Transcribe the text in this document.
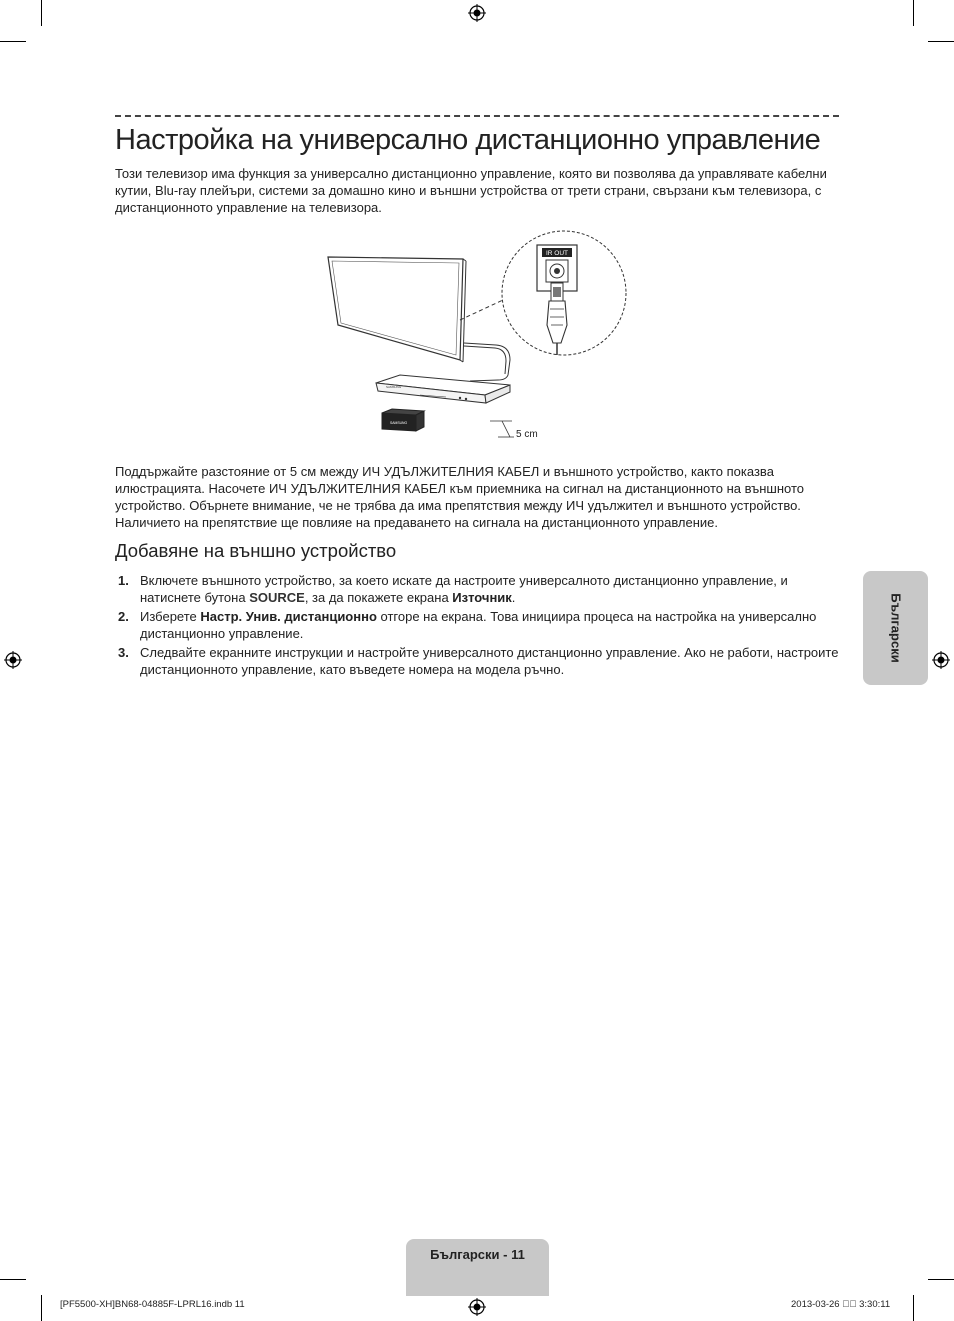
Настройка на универсално дистанционно управление

Този телевизор има функция за универсално дистанционно управление, която ви позволява да управлявате кабелни кутии, Blu-ray плейъри, системи за домашно кино и външни устройства от трети страни, свързани към телевизора, с дистанционното управление на телевизора.

IR OUT
SAMSUNG
SAMSUNG
5 cm

Поддържайте разстояние от 5 см между ИЧ УДЪЛЖИТЕЛНИЯ КАБЕЛ и външното устройство, както показва илюстрацията. Насочете ИЧ УДЪЛЖИТЕЛНИЯ КАБЕЛ към приемника на сигнал на дистанционното на външното устройство. Обърнете внимание, че не трябва да има препятствия между ИЧ удължител и външното устройство. Наличието на препятствие ще повлияе на предаването на сигнала на дистанционното управление.

Добавяне на външно устройство
1. Включете външното устройство, за което искате да настроите универсалното дистанционно управление, и натиснете бутона SOURCE, за да покажете екрана Източник.
2. Изберете Настр. Унив. дистанционно отгоре на екрана. Това инициира процеса на настройка на универсално дистанционно управление.
3. Следвайте екранните инструкции и настройте универсалното дистанционно управление. Ако не работи, настроите дистанционното управление, като въведете номера на модела ръчно.
Български
Български - 11
[PF5500-XH]BN68-04885F-LPRL16.indb 11	2013-03-26 ￿￿ 3:30:11
